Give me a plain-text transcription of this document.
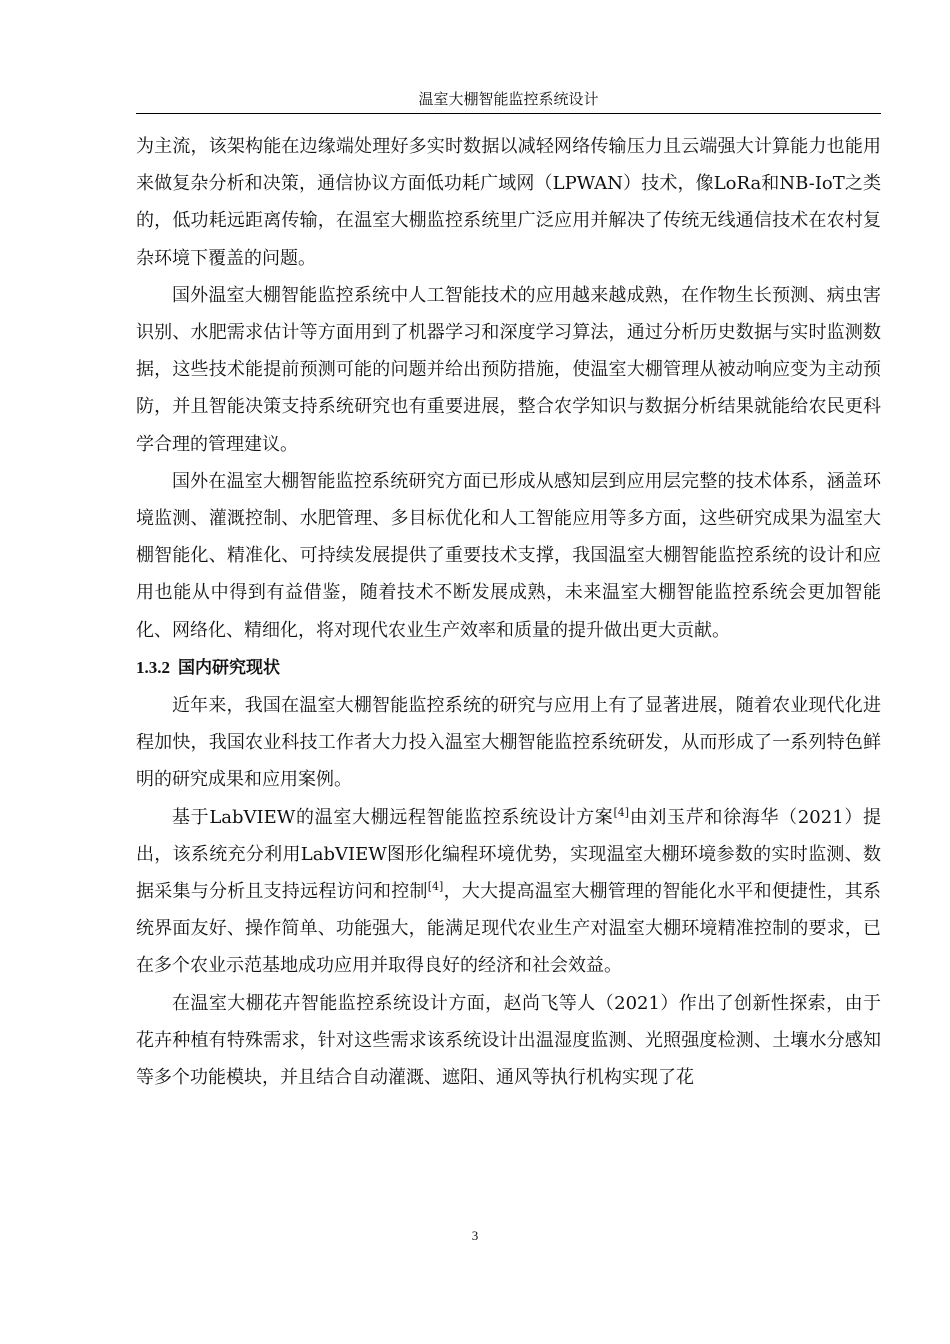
温室大棚智能监控系统设计

为主流，该架构能在边缘端处理好多实时数据以减轻网络传输压力且云端强大计算能力也能用来做复杂分析和决策，通信协议方面低功耗广域网（LPWAN）技术，像LoRa和NB-IoT之类的，低功耗远距离传输，在温室大棚监控系统里广泛应用并解决了传统无线通信技术在农村复杂环境下覆盖的问题。

国外温室大棚智能监控系统中人工智能技术的应用越来越成熟，在作物生长预测、病虫害识别、水肥需求估计等方面用到了机器学习和深度学习算法，通过分析历史数据与实时监测数据，这些技术能提前预测可能的问题并给出预防措施，使温室大棚管理从被动响应变为主动预防，并且智能决策支持系统研究也有重要进展，整合农学知识与数据分析结果就能给农民更科学合理的管理建议。

国外在温室大棚智能监控系统研究方面已形成从感知层到应用层完整的技术体系，涵盖环境监测、灌溉控制、水肥管理、多目标优化和人工智能应用等多方面，这些研究成果为温室大棚智能化、精准化、可持续发展提供了重要技术支撑，我国温室大棚智能监控系统的设计和应用也能从中得到有益借鉴，随着技术不断发展成熟，未来温室大棚智能监控系统会更加智能化、网络化、精细化，将对现代农业生产效率和质量的提升做出更大贡献。

1.3.2 国内研究现状

近年来，我国在温室大棚智能监控系统的研究与应用上有了显著进展，随着农业现代化进程加快，我国农业科技工作者大力投入温室大棚智能监控系统研发，从而形成了一系列特色鲜明的研究成果和应用案例。

基于LabVIEW的温室大棚远程智能监控系统设计方案[4]由刘玉芹和徐海华（2021）提出，该系统充分利用LabVIEW图形化编程环境优势，实现温室大棚环境参数的实时监测、数据采集与分析且支持远程访问和控制[4]，大大提高温室大棚管理的智能化水平和便捷性，其系统界面友好、操作简单、功能强大，能满足现代农业生产对温室大棚环境精准控制的要求，已在多个农业示范基地成功应用并取得良好的经济和社会效益。

在温室大棚花卉智能监控系统设计方面，赵尚飞等人（2021）作出了创新性探索，由于花卉种植有特殊需求，针对这些需求该系统设计出温湿度监测、光照强度检测、土壤水分感知等多个功能模块，并且结合自动灌溉、遮阳、通风等执行机构实现了花

3
